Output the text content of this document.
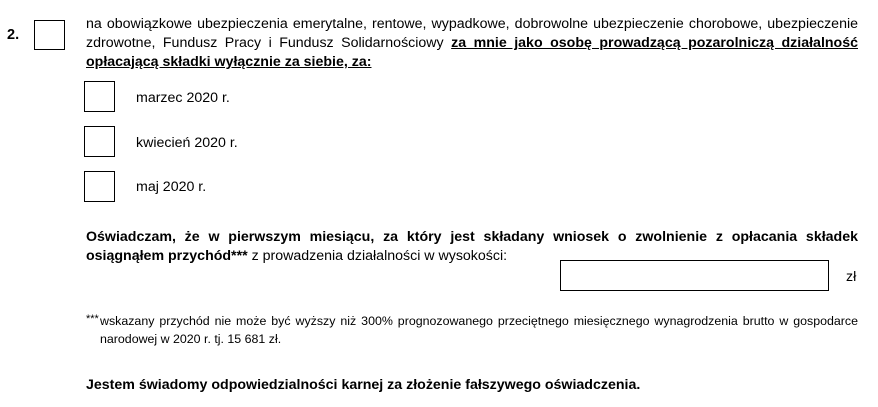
2.
na obowiązkowe ubezpieczenia emerytalne, rentowe, wypadkowe, dobrowolne ubezpieczenie chorobowe, ubezpieczenie zdrowotne, Fundusz Pracy i Fundusz Solidarnościowy za mnie jako osobę prowadzącą pozarolniczą działalność opłacającą składki wyłącznie za siebie, za:
marzec 2020 r.
kwiecień 2020 r.
maj 2020 r.
Oświadczam, że w pierwszym miesiącu, za który jest składany wniosek o zwolnienie z opłacania składek osiągnąłem przychód*** z prowadzenia działalności w wysokości:
zł
*** wskazany przychód nie może być wyższy niż 300% prognozowanego przeciętnego miesięcznego wynagrodzenia brutto w gospodarce narodowej w 2020 r. tj. 15 681 zł.
Jestem świadomy odpowiedzialności karnej za złożenie fałszywego oświadczenia.
